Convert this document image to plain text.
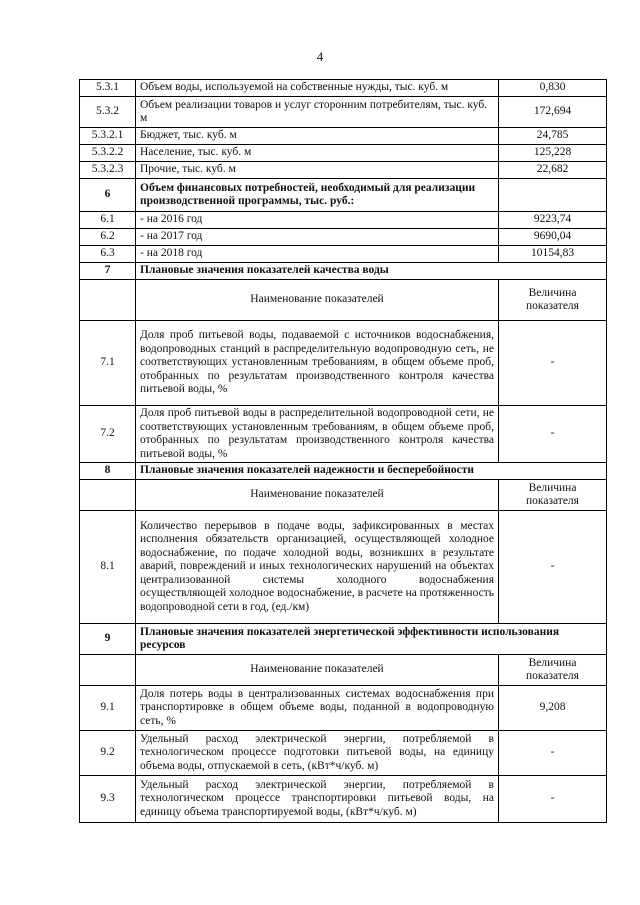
4
5.3.1	Объем воды, используемой на собственные нужды, тыс. куб. м	0,830
5.3.2	Объем реализации товаров и услуг сторонним потребителям, тыс. куб. м	172,694
5.3.2.1	Бюджет, тыс. куб. м	24,785
5.3.2.2	Население, тыс. куб. м	125,228
5.3.2.3	Прочие, тыс. куб. м	22,682
6	Объем финансовых потребностей, необходимый для реализации производственной программы, тыс. руб.:	
6.1	- на 2016 год	9223,74
6.2	- на 2017 год	9690,04
6.3	- на 2018 год	10154,83
7	Плановые значения показателей качества воды	
	Наименование показателей	Величина показателя
7.1	Доля проб питьевой воды, подаваемой с источников водоснабжения, водопроводных станций в распределительную водопроводную сеть, не соответствующих установленным требованиям, в общем объеме проб, отобранных по результатам производственного контроля качества питьевой воды, %	-
7.2	Доля проб питьевой воды в распределительной водопроводной сети, не соответствующих установленным требованиям, в общем объеме проб, отобранных по результатам производственного контроля качества питьевой воды, %	-
8	Плановые значения показателей надежности и бесперебойности	
	Наименование показателей	Величина показателя
8.1	Количество перерывов в подаче воды, зафиксированных в местах исполнения обязательств организацией, осуществляющей холодное водоснабжение, по подаче холодной воды, возникших в результате аварий, повреждений и иных технологических нарушений на объектах централизованной системы холодного водоснабжения осуществляющей холодное водоснабжение, в расчете на протяженность водопроводной сети в год, (ед./км)	-
9	Плановые значения показателей энергетической эффективности использования ресурсов	
	Наименование показателей	Величина показателя
9.1	Доля потерь воды в централизованных системах водоснабжения при транспортировке в общем объеме воды, поданной в водопроводную сеть, %	9,208
9.2	Удельный расход электрической энергии, потребляемой в технологическом процессе подготовки питьевой воды, на единицу объема воды, отпускаемой в сеть, (кВт*ч/куб. м)	-
9.3	Удельный расход электрической энергии, потребляемой в технологическом процессе транспортировки питьевой воды, на единицу объема транспортируемой воды, (кВт*ч/куб. м)	-
